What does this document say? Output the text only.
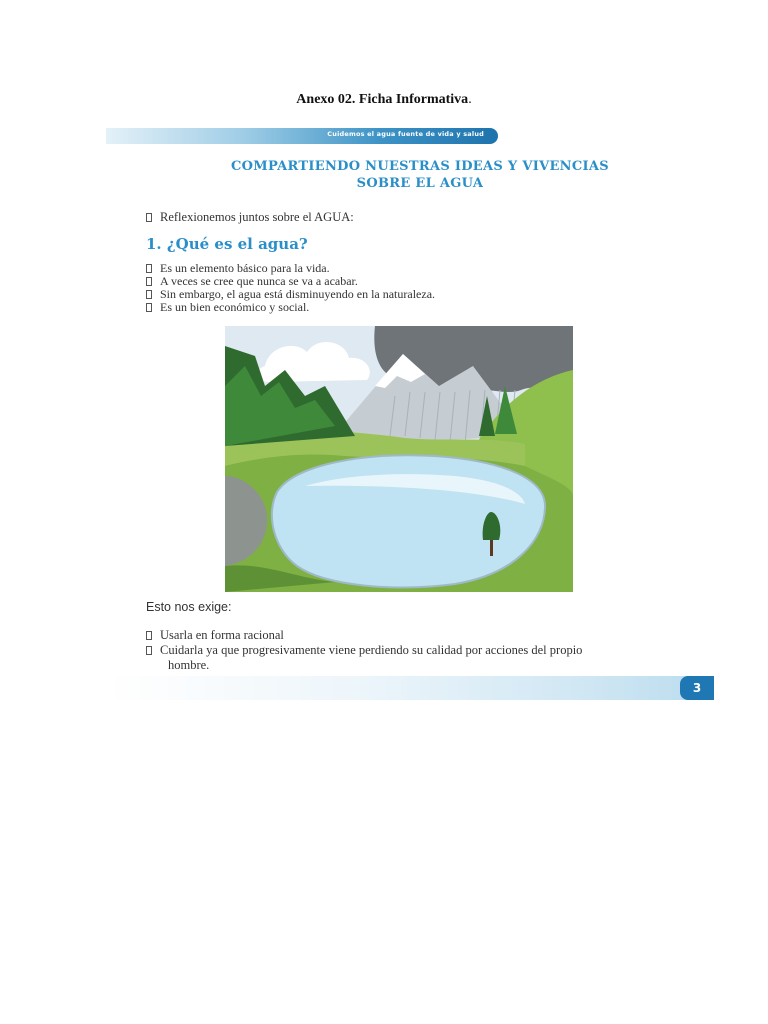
Anexo 02. Ficha Informativa.
Cuidemos el agua fuente de vida y salud
COMPARTIENDO NUESTRAS IDEAS Y VIVENCIAS
SOBRE EL AGUA
Reflexionemos juntos sobre el AGUA:
1. ¿Qué es el agua?
Es un elemento básico para la vida.
A veces se cree que nunca se va a acabar.
Sin embargo, el agua está disminuyendo en la naturaleza.
Es un bien económico y social.
Esto nos exige:
Usarla en forma racional
Cuidarla ya que progresivamente viene perdiendo su calidad por acciones del propio
hombre.
3
